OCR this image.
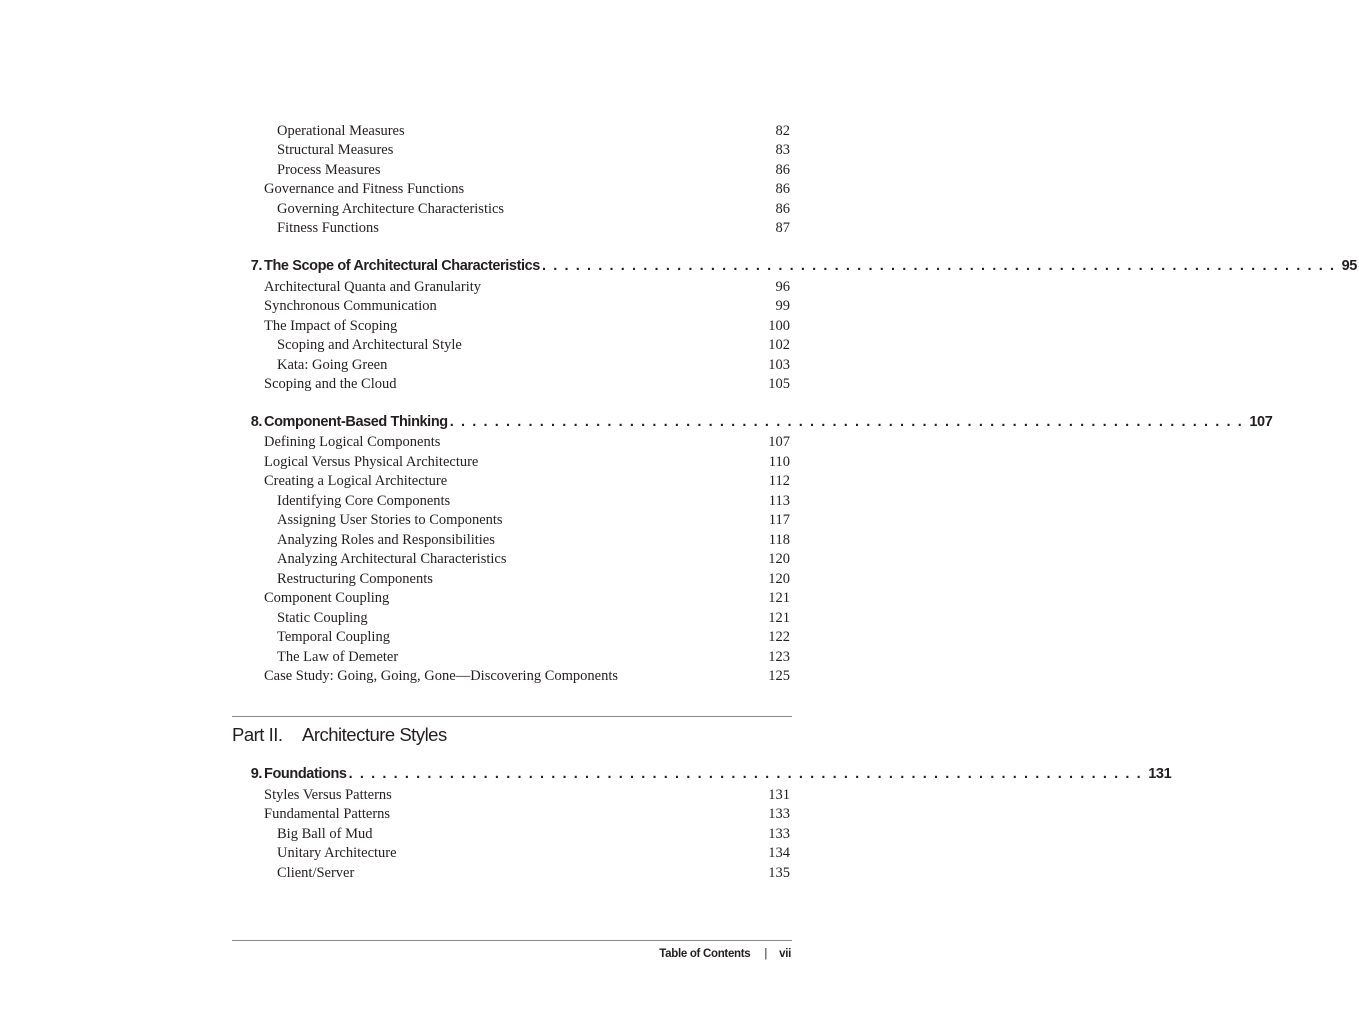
Operational Measures	82
Structural Measures	83
Process Measures	86
Governance and Fitness Functions	86
Governing Architecture Characteristics	86
Fitness Functions	87
7. The Scope of Architectural Characteristics . . . . . . . . . . . . . . . . . . . . . . . . . . . . . . . . . . . . . . . . . . . . . . . . . . . . . . . . . . . . . . . . . . . . . . . 95
Architectural Quanta and Granularity	96
Synchronous Communication	99
The Impact of Scoping	100
Scoping and Architectural Style	102
Kata: Going Green	103
Scoping and the Cloud	105
8. Component-Based Thinking . . . . . . . . . . . . . . . . . . . . . . . . . . . . . . . . . . . . . . . . . . . . . . . . . . . . . . . . . . . . . . . . . . . . . . . 107
Defining Logical Components	107
Logical Versus Physical Architecture	110
Creating a Logical Architecture	112
Identifying Core Components	113
Assigning User Stories to Components	117
Analyzing Roles and Responsibilities	118
Analyzing Architectural Characteristics	120
Restructuring Components	120
Component Coupling	121
Static Coupling	121
Temporal Coupling	122
The Law of Demeter	123
Case Study: Going, Going, Gone—Discovering Components	125
Part II. Architecture Styles
9. Foundations . . . . . . . . . . . . . . . . . . . . . . . . . . . . . . . . . . . . . . . . . . . . . . . . . . . . . . . . . . . . . . . . . . . . . . . 131
Styles Versus Patterns	131
Fundamental Patterns	133
Big Ball of Mud	133
Unitary Architecture	134
Client/Server	135
Table of Contents | vii
